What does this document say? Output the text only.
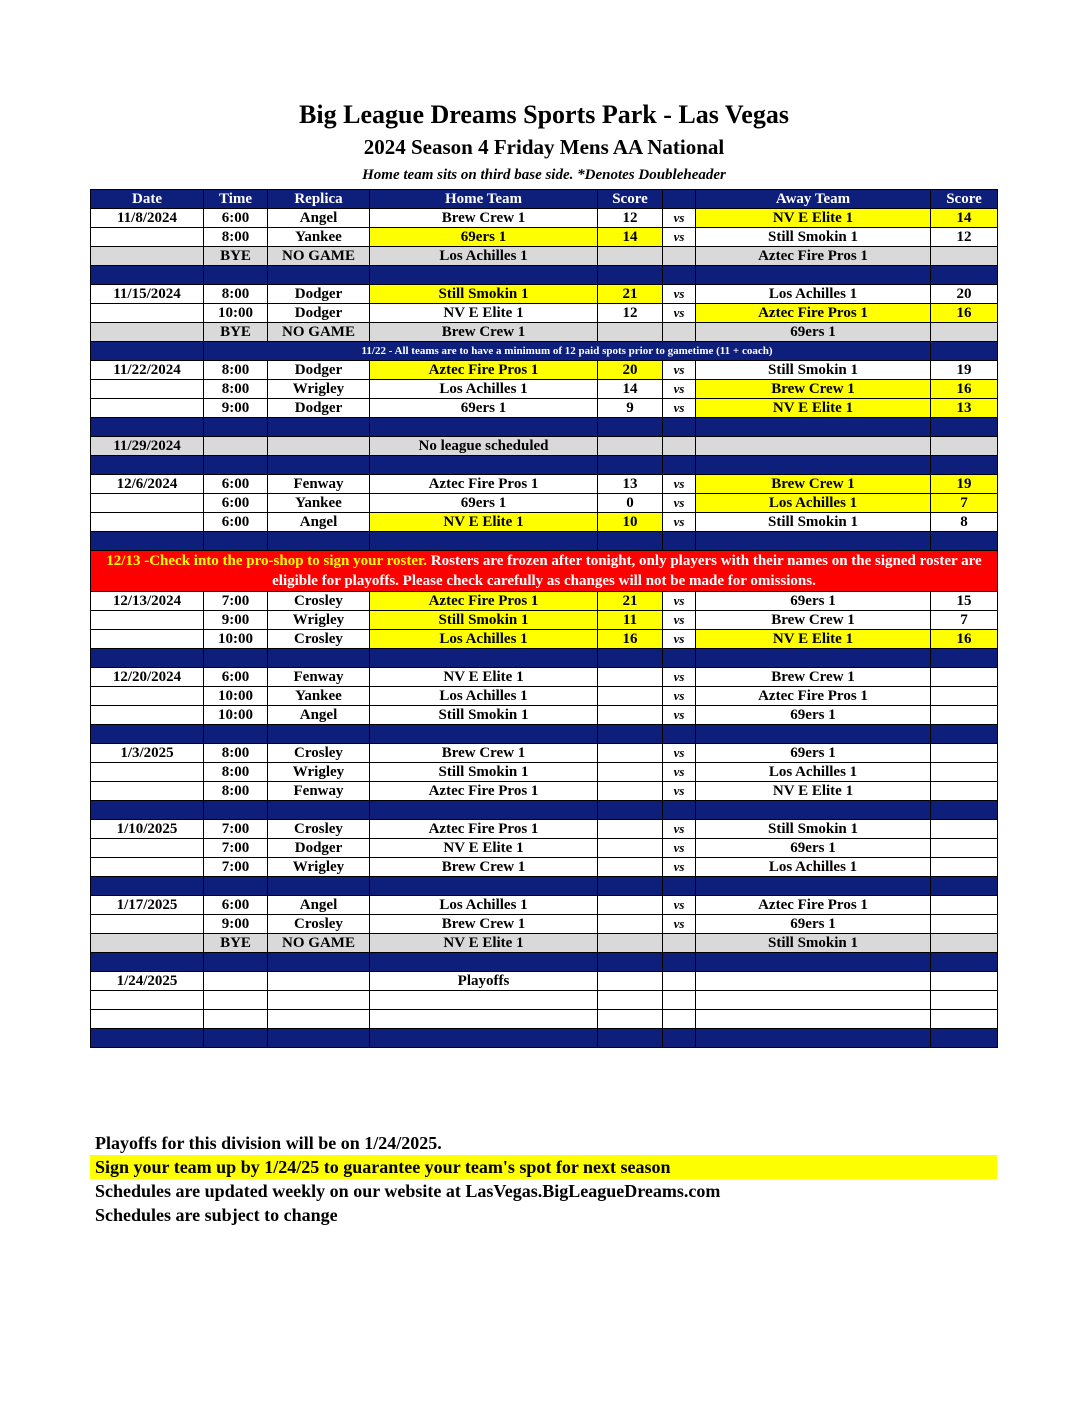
Big League Dreams Sports Park - Las Vegas
2024 Season 4 Friday Mens AA National
Home team sits on third base side. *Denotes Doubleheader
Date	Time	Replica	Home Team	Score		Away Team	Score
11/8/2024	6:00	Angel	Brew Crew 1	12	vs	NV E Elite 1	14
	8:00	Yankee	69ers 1	14	vs	Still Smokin 1	12
	BYE	NO GAME	Los Achilles 1			Aztec Fire Pros 1	

11/15/2024	8:00	Dodger	Still Smokin 1	21	vs	Los Achilles 1	20
	10:00	Dodger	NV E Elite 1	12	vs	Aztec Fire Pros 1	16
	BYE	NO GAME	Brew Crew 1			69ers 1	
	11/22 - All teams are to have a minimum of 12 paid spots prior to gametime (11 + coach)						
11/22/2024	8:00	Dodger	Aztec Fire Pros 1	20	vs	Still Smokin 1	19
	8:00	Wrigley	Los Achilles 1	14	vs	Brew Crew 1	16
	9:00	Dodger	69ers 1	9	vs	NV E Elite 1	13

11/29/2024			No league scheduled				

12/6/2024	6:00	Fenway	Aztec Fire Pros 1	13	vs	Brew Crew 1	19
	6:00	Yankee	69ers 1	0	vs	Los Achilles 1	7
	6:00	Angel	NV E Elite 1	10	vs	Still Smokin 1	8

12/13 -Check into the pro-shop to sign your roster. Rosters are frozen after tonight, only players with their names on the signed roster are eligible for playoffs. Please check carefully as changes will not be made for omissions.							
12/13/2024	7:00	Crosley	Aztec Fire Pros 1	21	vs	69ers 1	15
	9:00	Wrigley	Still Smokin 1	11	vs	Brew Crew 1	7
	10:00	Crosley	Los Achilles 1	16	vs	NV E Elite 1	16

12/20/2024	6:00	Fenway	NV E Elite 1		vs	Brew Crew 1	
	10:00	Yankee	Los Achilles 1		vs	Aztec Fire Pros 1	
	10:00	Angel	Still Smokin 1		vs	69ers 1	

1/3/2025	8:00	Crosley	Brew Crew 1		vs	69ers 1	
	8:00	Wrigley	Still Smokin 1		vs	Los Achilles 1	
	8:00	Fenway	Aztec Fire Pros 1		vs	NV E Elite 1	

1/10/2025	7:00	Crosley	Aztec Fire Pros 1		vs	Still Smokin 1	
	7:00	Dodger	NV E Elite 1		vs	69ers 1	
	7:00	Wrigley	Brew Crew 1		vs	Los Achilles 1	

1/17/2025	6:00	Angel	Los Achilles 1		vs	Aztec Fire Pros 1	
	9:00	Crosley	Brew Crew 1		vs	69ers 1	
	BYE	NO GAME	NV E Elite 1			Still Smokin 1	

1/24/2025			Playoffs				

Playoffs for this division will be on 1/24/2025.
Sign your team up by 1/24/25 to guarantee your team's spot for next season
Schedules are updated weekly on our website at LasVegas.BigLeagueDreams.com
Schedules are subject to change
